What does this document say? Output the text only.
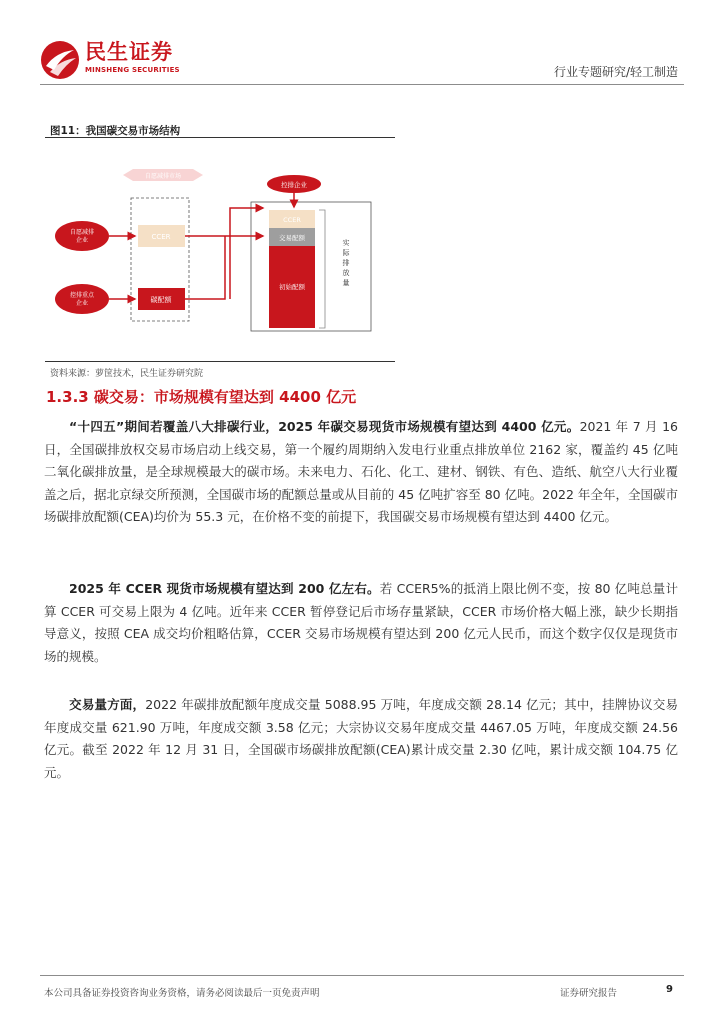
民生证券
MINSHENG SECURITIES	行业专题研究/轻工制造
图11：我国碳交易市场结构
自愿减排市场
控排企业
自愿减排
企业
控排重点
企业
CCER
碳配额
CCER
交易配额
初始配额
实
际
排
放
量
资料来源：萝筐技术，民生证券研究院
1.3.3 碳交易：市场规模有望达到 4400 亿元

“十四五”期间若覆盖八大排碳行业，2025 年碳交易现货市场规模有望达到 4400 亿元。2021 年 7 月 16 日，全国碳排放权交易市场启动上线交易，第一个履约周期纳入发电行业重点排放单位 2162 家，覆盖约 45 亿吨二氧化碳排放量，是全球规模最大的碳市场。未来电力、石化、化工、建材、钢铁、有色、造纸、航空八大行业覆盖之后，据北京绿交所预测，全国碳市场的配额总量或从目前的 45 亿吨扩容至 80 亿吨。2022 年全年，全国碳市场碳排放配额(CEA)均价为 55.3 元，在价格不变的前提下，我国碳交易市场规模有望达到 4400 亿元。

2025 年 CCER 现货市场规模有望达到 200 亿左右。若 CCER5%的抵消上限比例不变，按 80 亿吨总量计算 CCER 可交易上限为 4 亿吨。近年来 CCER 暂停登记后市场存量紧缺，CCER 市场价格大幅上涨，缺少长期指导意义，按照 CEA 成交均价粗略估算，CCER 交易市场规模有望达到 200 亿元人民币，而这个数字仅仅是现货市场的规模。

交易量方面，2022 年碳排放配额年度成交量 5088.95 万吨，年度成交额 28.14 亿元；其中，挂牌协议交易年度成交量 621.90 万吨，年度成交额 3.58 亿元；大宗协议交易年度成交量 4467.05 万吨，年度成交额 24.56 亿元。截至 2022 年 12 月 31 日，全国碳市场碳排放配额(CEA)累计成交量 2.30 亿吨，累计成交额 104.75 亿元。

本公司具备证券投资咨询业务资格，请务必阅读最后一页免责声明	证券研究报告	9
